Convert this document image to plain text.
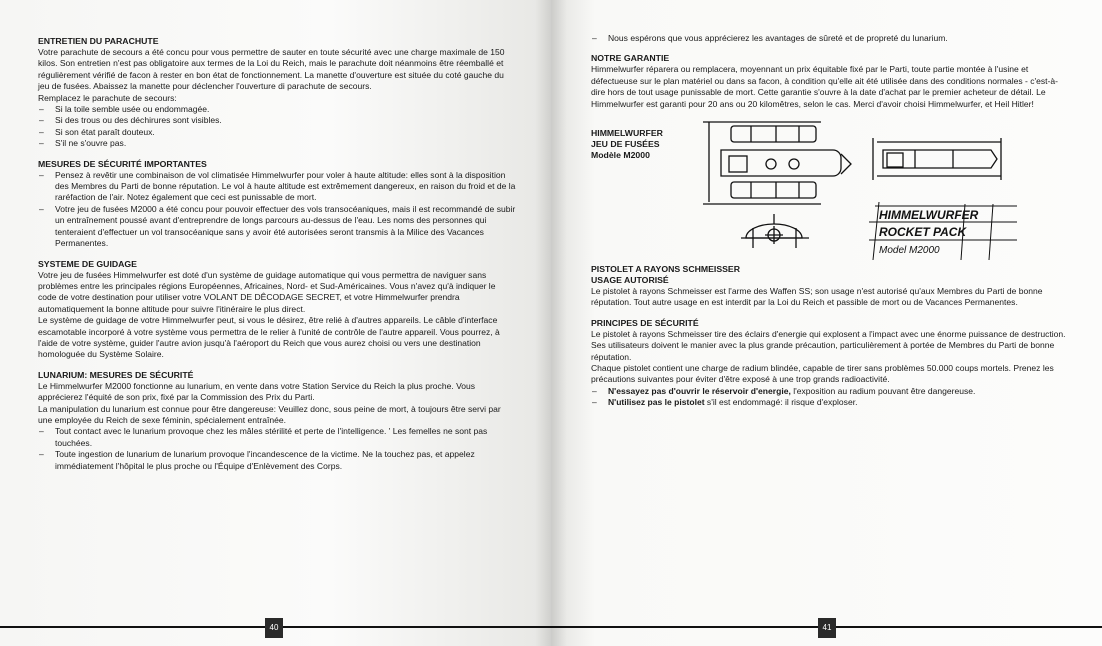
ENTRETIEN DU PARACHUTE

Votre parachute de secours a été concu pour vous permettre de sauter en toute sécurité avec une charge maximale de 150 kilos. Son entretien n'est pas obligatoire aux termes de la Loi du Reich, mais le parachute doit néanmoins être réemballé et régulièrement vérifié de facon à rester en bon état de fonctionnement. La manette d'ouverture est située du coté gauche du jeu de fusées. Abaissez la manette pour déclencher l'ouverture di parachute de secours.

Remplacez le parachute de secours:

– Si la toile semble usée ou endommagée.
– Si des trous ou des déchirures sont visibles.
– Si son état paraît douteux.
– S'il ne s'ouvre pas.
MESURES DE SÉCURITÉ IMPORTANTES
– Pensez à revêtir une combinaison de vol climatisée Himmelwurfer pour voler à haute altitude: elles sont à la disposition des Membres du Parti de bonne réputation. Le vol à haute altitude est extrêmement dangereux, en raison du froid et de la raréfaction de l'air. Notez également que ceci est punissable de mort.
– Votre jeu de fusées M2000 a été concu pour pouvoir effectuer des vols transocéaniques, mais il est recommandé de subir un entraînement poussé avant d'entreprendre de longs parcours au-dessus de l'eau. Les noms des personnes qui tenteraient d'effectuer un vol transocéanique sans y avoir été autorisées seront transmis à la Milice des Vacances Permanentes.
SYSTEME DE GUIDAGE

Votre jeu de fusées Himmelwurfer est doté d'un système de guidage automatique qui vous permettra de naviguer sans problèmes entre les principales régions Européennes, Africaines, Nord- et Sud-Américaines. Vous n'avez qu'à indiquer le code de votre destination pour utiliser votre VOLANT DE DÊCODAGE SECRET, et votre Himmelwurfer prendra automatiquement la bonne altitude pour suivre l'itinéraire le plus direct.

Le système de guidage de votre Himmelwurfer peut, si vous le désirez, être relié à d'autres appareils. Le câble d'interface escamotable incorporé à votre système vous permettra de le relier à l'unité de contrôle de l'autre appareil. Vous pourrez, à l'aide de votre système, guider l'autre avion jusqu'à l'aéroport du Reich que vous aurez choisi ou vers une destination homologuée du Système Solaire.

LUNARIUM: MESURES DE SÉCURITÉ

Le Himmelwurfer M2000 fonctionne au lunarium, en vente dans votre Station Service du Reich la plus proche. Vous apprécierez l'équité de son prix, fixé par la Commission des Prix du Parti.

La manipulation du lunarium est connue pour être dangereuse: Veuillez donc, sous peine de mort, à toujours être servi par une employée du Reich de sexe féminin, spécialement entraînée.

– Tout contact avec le lunarium provoque chez les mâles stérilité et perte de l'intelligence. ' Les femelles ne sont pas touchées.
– Toute ingestion de lunarium de lunarium provoque l'incandescence de la victime. Ne la touchez pas, et appelez immédiatement l'hôpital le plus proche ou l'Équipe d'Enlèvement des Corps.
40
– Nous espérons que vous apprécierez les avantages de sûreté et de propreté du lunarium.
NOTRE GARANTIE

Himmelwurfer réparera ou remplacera, moyennant un prix équitable fixé par le Parti, toute partie montée à l'usine et défectueuse sur le plan matériel ou dans sa facon, à condition qu'elle ait été utilisée dans des conditions normales - c'est-à-dire hors de tout usage punissable de mort. Cette garantie s'ouvre à la date d'achat par le premier acheteur de détail. Le Himmelwurfer est garanti pour 20 ans ou 20 kilomêtres, selon le cas. Merci d'avoir choisi Himmelwurfer, et Heil Hitler!

HIMMELWURFER
JEU DE FUSÉES
Modèle M2000
HIMMELWURFER
ROCKET PACK
Model M2000
PISTOLET A RAYONS SCHMEISSER
USAGE AUTORISÉ

Le pistolet à rayons Schmeisser est l'arme des Waffen SS; son usage n'est autorisé qu'aux Membres du Parti de bonne réputation. Tout autre usage en est interdit par la Loi du Reich et passible de mort ou de Vacances Permanentes.

PRINCIPES DE SÉCURITÉ

Le pistolet à rayons Schmeisser tire des éclairs d'energie qui explosent a l'impact avec une énorme puissance de destruction. Ses utilisateurs doivent le manier avec la plus grande précaution, particulièrement à portée de Membres du Parti de bonne réputation.

Chaque pistolet contient une charge de radium blindée, capable de tirer sans problèmes 50.000 coups mortels. Prenez les précautions suivantes pour éviter d'être exposé à une trop grands radioactivité.

– N'essayez pas d'ouvrir le réservoir d'energie, l'exposition au radium pouvant être dangereuse.
– N'utilisez pas le pistolet s'il est endommagé: il risque d'exploser.
41
